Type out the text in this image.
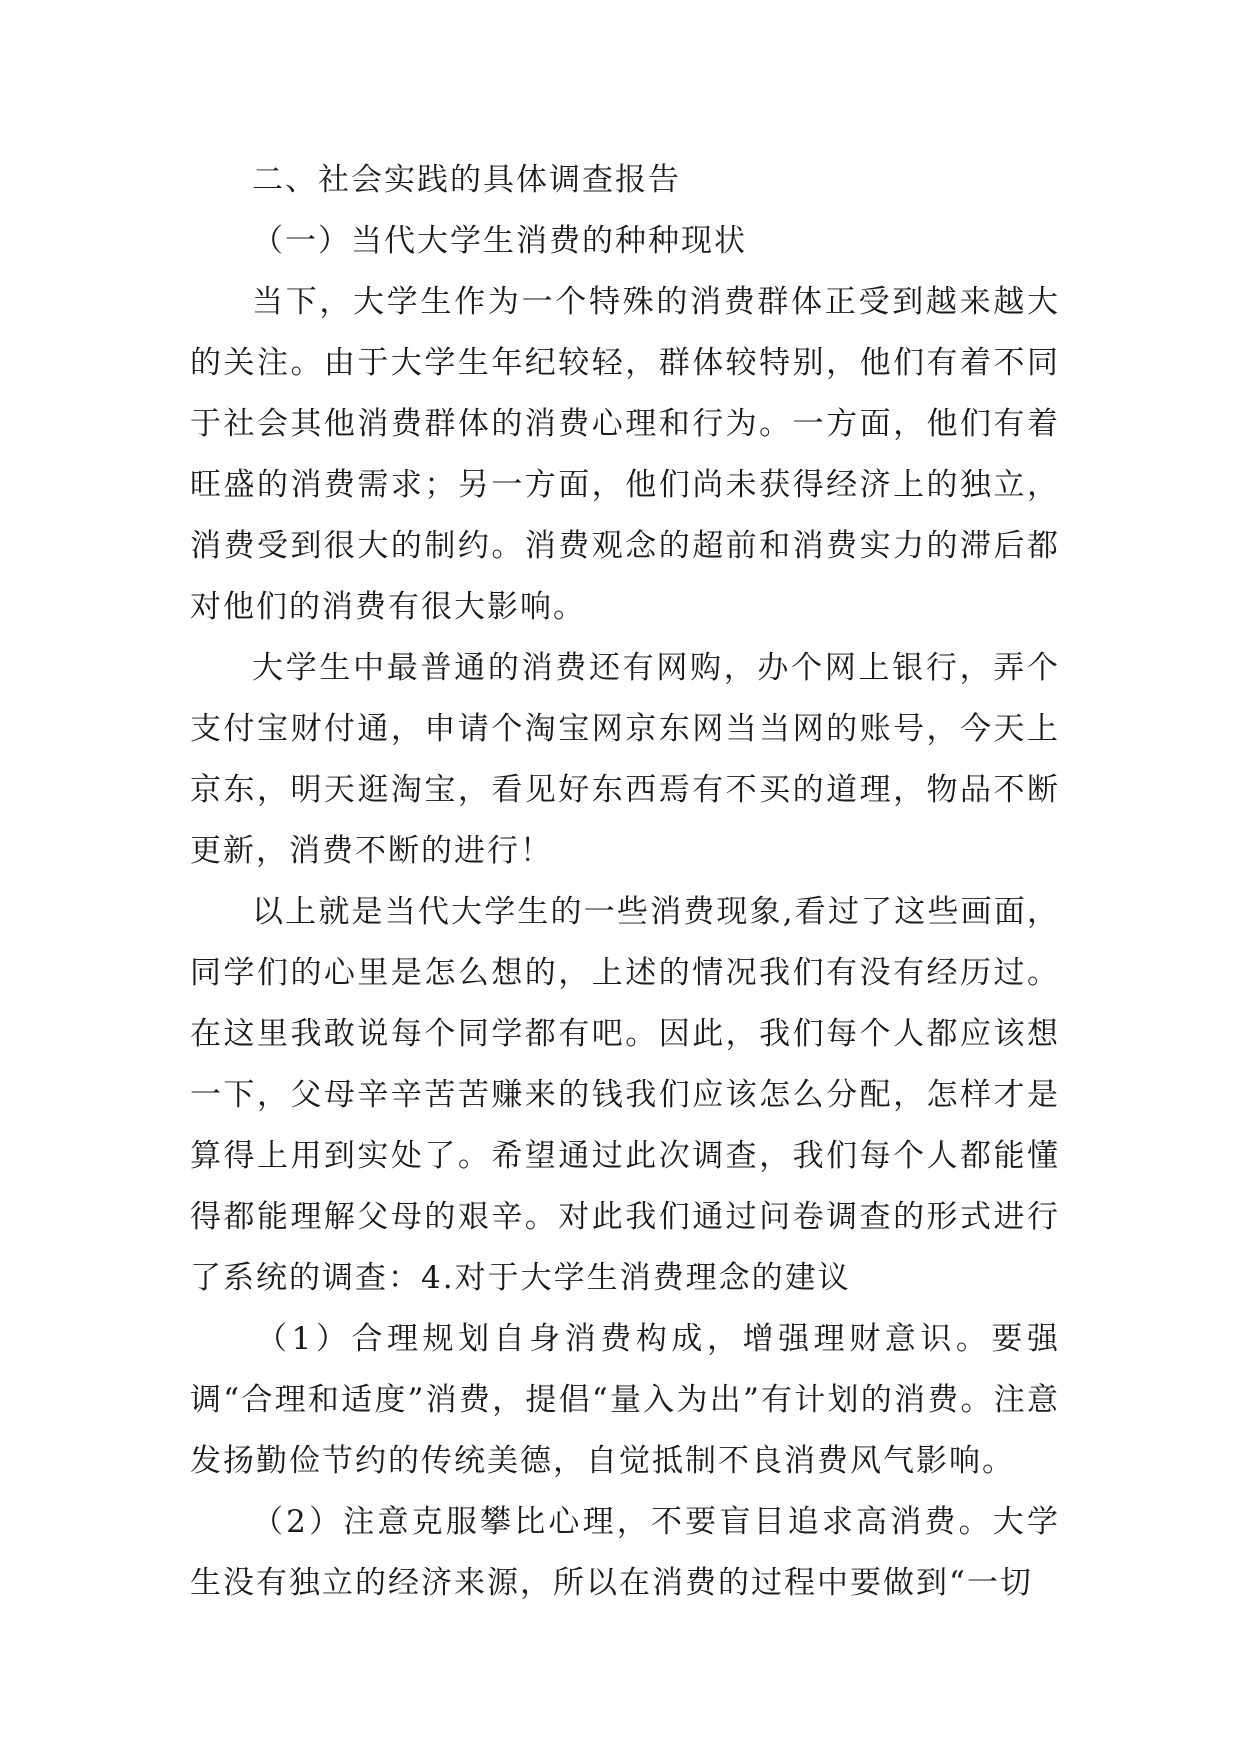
二、社会实践的具体调查报告

（一）当代大学生消费的种种现状

当下，大学生作为一个特殊的消费群体正受到越来越大的关注。由于大学生年纪较轻，群体较特别，他们有着不同于社会其他消费群体的消费心理和行为。一方面，他们有着旺盛的消费需求；另一方面，他们尚未获得经济上的独立，消费受到很大的制约。消费观念的超前和消费实力的滞后都对他们的消费有很大影响。

大学生中最普通的消费还有网购，办个网上银行，弄个支付宝财付通，申请个淘宝网京东网当当网的账号，今天上京东，明天逛淘宝，看见好东西焉有不买的道理，物品不断更新，消费不断的进行！

以上就是当代大学生的一些消费现象,看过了这些画面，同学们的心里是怎么想的，上述的情况我们有没有经历过。在这里我敢说每个同学都有吧。因此，我们每个人都应该想一下，父母辛辛苦苦赚来的钱我们应该怎么分配，怎样才是算得上用到实处了。希望通过此次调查，我们每个人都能懂得都能理解父母的艰辛。对此我们通过问卷调查的形式进行了系统的调查：4.对于大学生消费理念的建议

（1）合理规划自身消费构成，增强理财意识。要强调“合理和适度”消费，提倡“量入为出”有计划的消费。注意发扬勤俭节约的传统美德，自觉抵制不良消费风气影响。

（2）注意克服攀比心理，不要盲目追求高消费。大学生没有独立的经济来源，所以在消费的过程中要做到“一切
